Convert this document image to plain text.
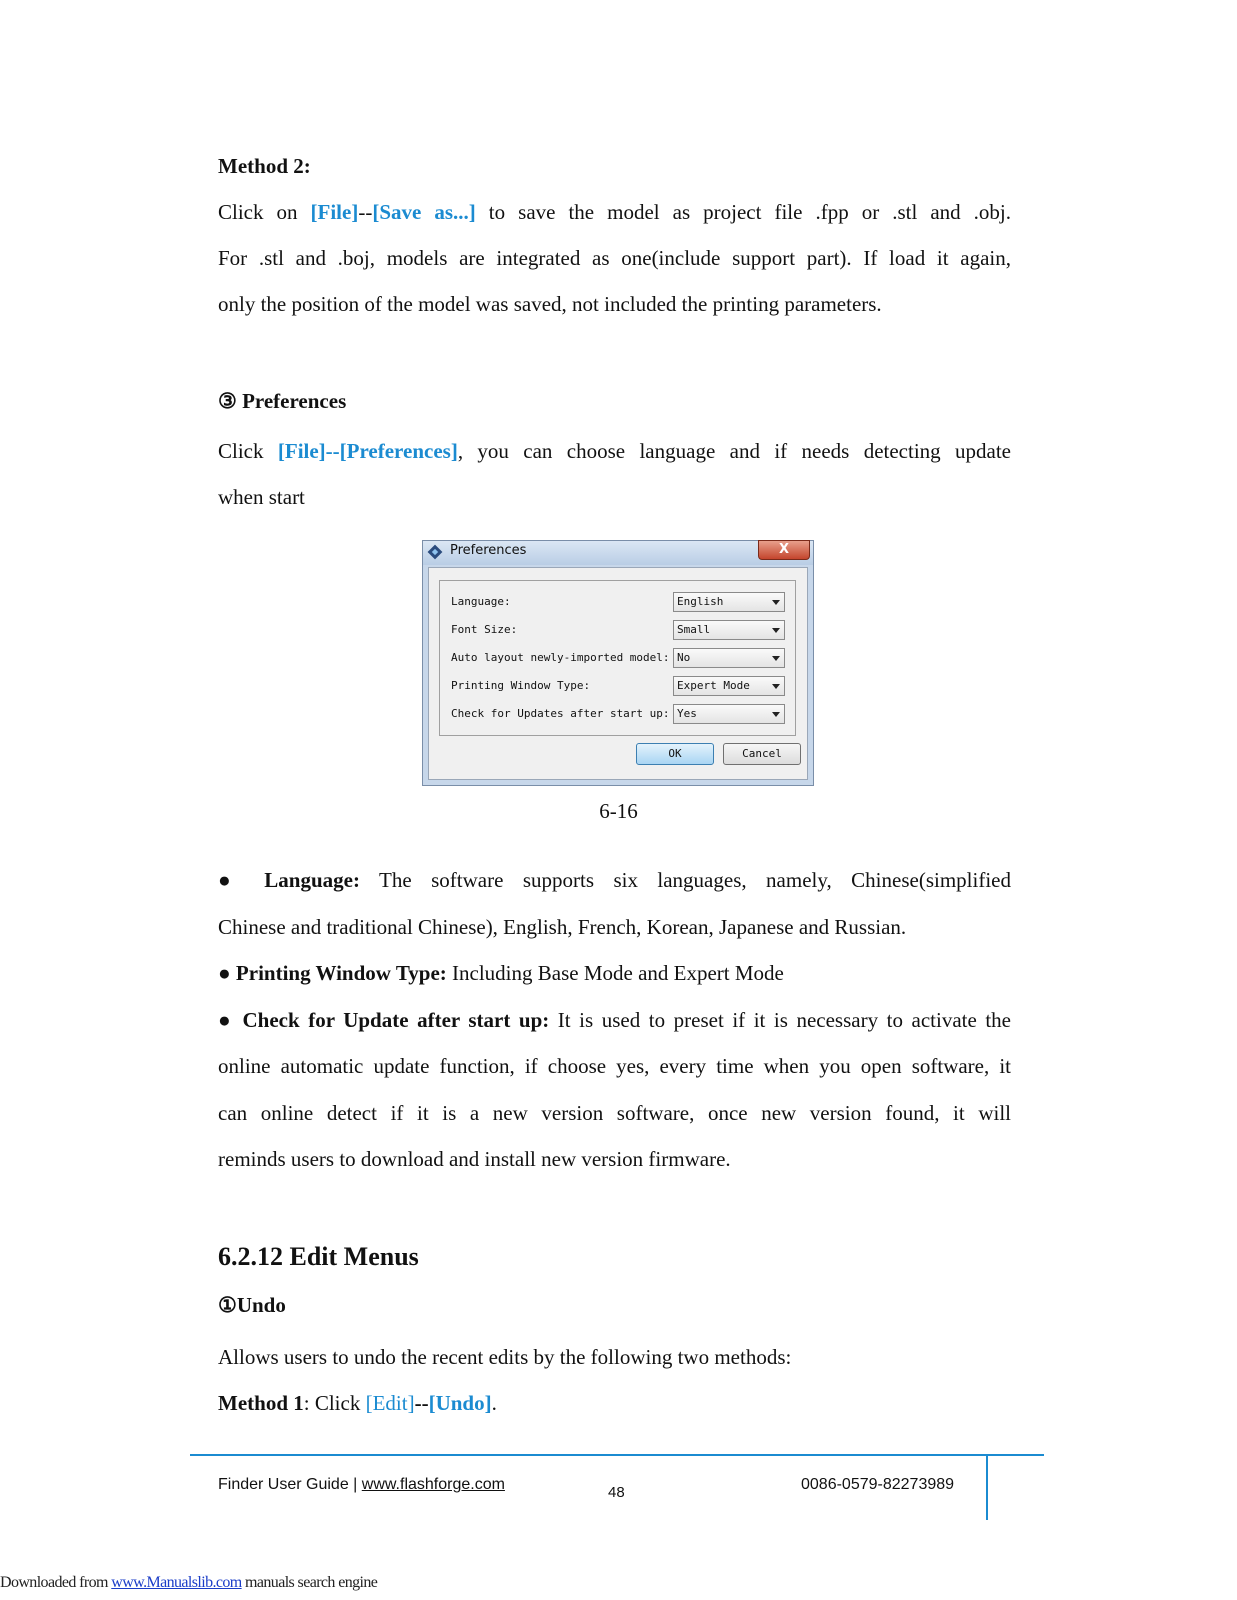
Method 2:
Click on [File]--[Save as...] to save the model as project file .fpp or .stl and .obj.
For .stl and .boj, models are integrated as one(include support part). If load it again,
only the position of the model was saved, not included the printing parameters.
③ Preferences
Click [File]--[Preferences], you can choose language and if needs detecting update
when start
Preferences	X
Language:	English
Font Size:	Small
Auto layout newly-imported model: No
Printing Window Type:	Expert Mode
Check for Updates after start up: Yes
OK	Cancel
6-16
● Language: The software supports six languages, namely, Chinese(simplified
Chinese and traditional Chinese), English, French, Korean, Japanese and Russian.
● Printing Window Type: Including Base Mode and Expert Mode
● Check for Update after start up: It is used to preset if it is necessary to activate the
online automatic update function, if choose yes, every time when you open software, it
can online detect if it is a new version software, once new version found, it will
reminds users to download and install new version firmware.
6.2.12 Edit Menus
①Undo
Allows users to undo the recent edits by the following two methods:
Method 1: Click [Edit]--[Undo].
Finder User Guide | www.flashforge.com	48	0086-0579-82273989
Downloaded from www.Manualslib.com manuals search engine
